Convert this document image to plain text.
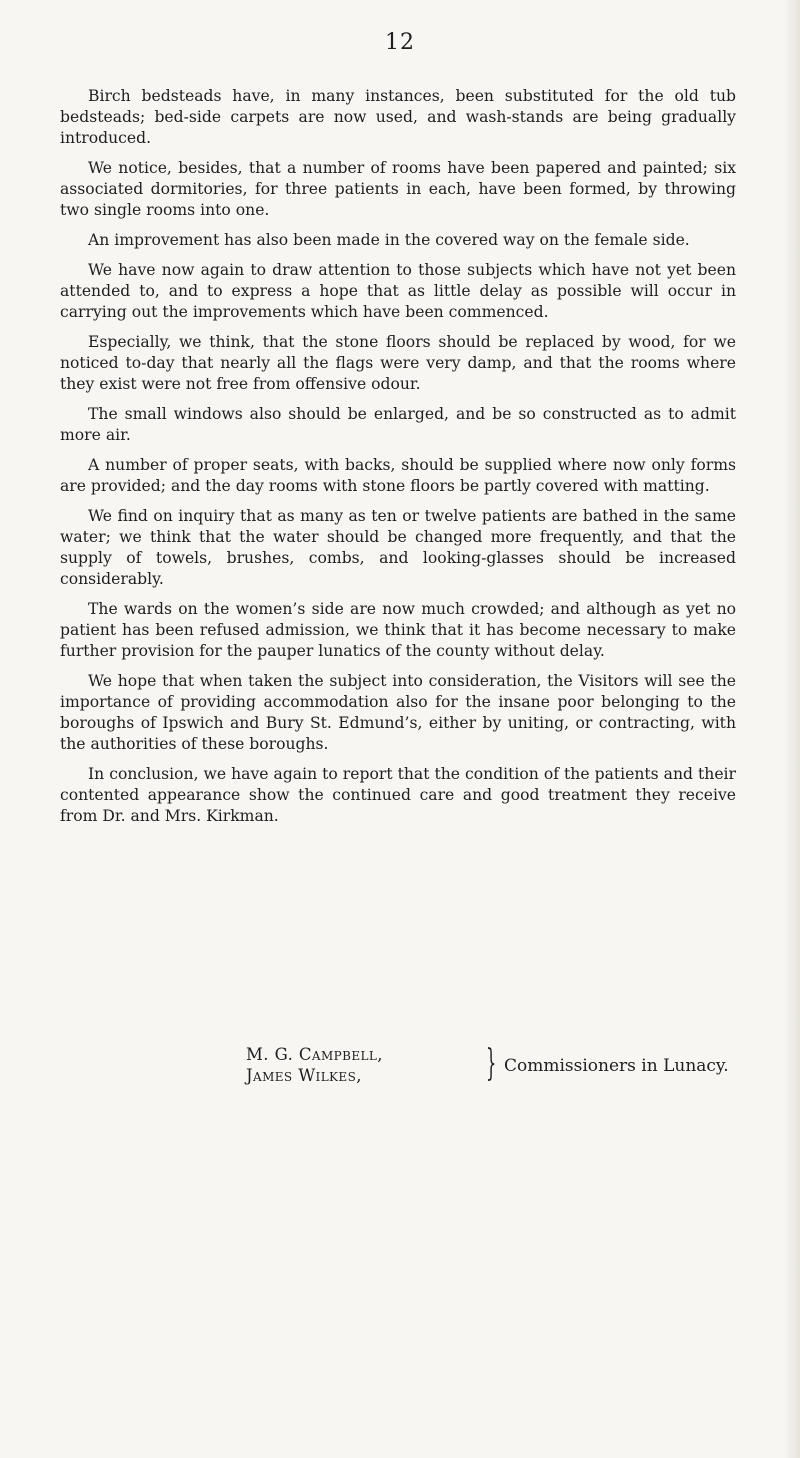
12

Birch bedsteads have, in many instances, been substituted for the old tub bedsteads; bed-side carpets are now used, and wash-stands are being gradually introduced.

We notice, besides, that a number of rooms have been papered and painted; six associated dormitories, for three patients in each, have been formed, by throwing two single rooms into one.

An improvement has also been made in the covered way on the female side.

We have now again to draw attention to those subjects which have not yet been attended to, and to express a hope that as little delay as possible will occur in carrying out the improvements which have been commenced.

Especially, we think, that the stone floors should be replaced by wood, for we noticed to-day that nearly all the flags were very damp, and that the rooms where they exist were not free from offensive odour.

The small windows also should be enlarged, and be so constructed as to admit more air.

A number of proper seats, with backs, should be supplied where now only forms are provided; and the day rooms with stone floors be partly covered with matting.

We find on inquiry that as many as ten or twelve patients are bathed in the same water; we think that the water should be changed more frequently, and that the supply of towels, brushes, combs, and looking-glasses should be increased considerably.

The wards on the women’s side are now much crowded; and although as yet no patient has been refused admission, we think that it has become necessary to make further provision for the pauper lunatics of the county without delay.

We hope that when taken the subject into consideration, the Visitors will see the importance of providing accommodation also for the insane poor belonging to the boroughs of Ipswich and Bury St. Edmund’s, either by uniting, or contracting, with the authorities of these boroughs.

In conclusion, we have again to report that the condition of the patients and their contented appearance show the continued care and good treatment they receive from Dr. and Mrs. Kirkman.

M. G. Campbell,
James Wilkes,	} Commissioners in Lunacy.
